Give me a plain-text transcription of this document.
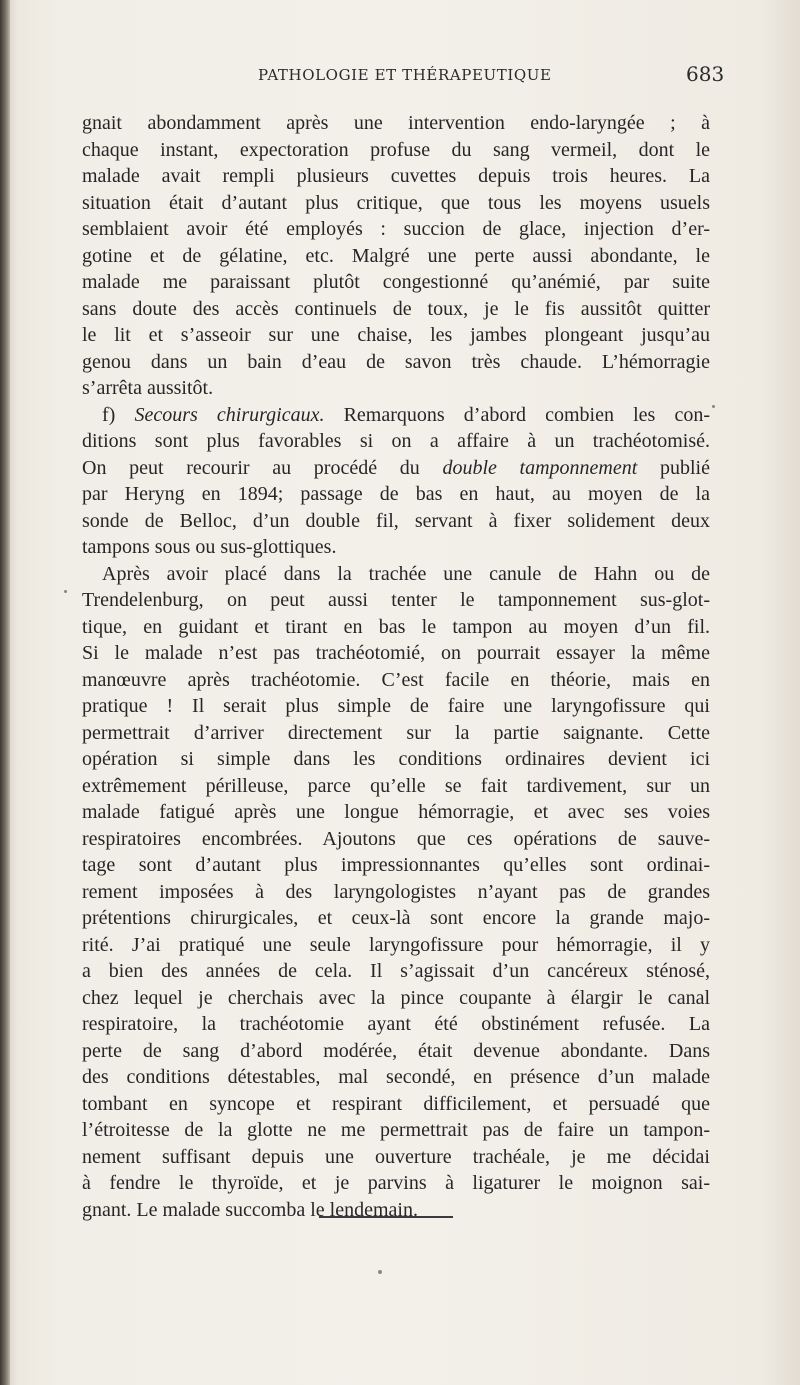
PATHOLOGIE ET THÉRAPEUTIQUE	683
gnait abondamment après une intervention endo-laryngée ; à
chaque instant, expectoration profuse du sang vermeil, dont le
malade avait rempli plusieurs cuvettes depuis trois heures. La
situation était d’autant plus critique, que tous les moyens usuels
semblaient avoir été employés : succion de glace, injection d’er-
gotine et de gélatine, etc. Malgré une perte aussi abondante, le
malade me paraissant plutôt congestionné qu’anémié, par suite
sans doute des accès continuels de toux, je le fis aussitôt quitter
le lit et s’asseoir sur une chaise, les jambes plongeant jusqu’au
genou dans un bain d’eau de savon très chaude. L’hémorragie
s’arrêta aussitôt.
f) Secours chirurgicaux. Remarquons d’abord combien les con-
ditions sont plus favorables si on a affaire à un trachéotomisé.
On peut recourir au procédé du double tamponnement publié
par Heryng en 1894; passage de bas en haut, au moyen de la
sonde de Belloc, d’un double fil, servant à fixer solidement deux
tampons sous ou sus-glottiques.
Après avoir placé dans la trachée une canule de Hahn ou de
Trendelenburg, on peut aussi tenter le tamponnement sus-glot-
tique, en guidant et tirant en bas le tampon au moyen d’un fil.
Si le malade n’est pas trachéotomié, on pourrait essayer la même
manœuvre après trachéotomie. C’est facile en théorie, mais en
pratique ! Il serait plus simple de faire une laryngofissure qui
permettrait d’arriver directement sur la partie saignante. Cette
opération si simple dans les conditions ordinaires devient ici
extrêmement périlleuse, parce qu’elle se fait tardivement, sur un
malade fatigué après une longue hémorragie, et avec ses voies
respiratoires encombrées. Ajoutons que ces opérations de sauve-
tage sont d’autant plus impressionnantes qu’elles sont ordinai-
rement imposées à des laryngologistes n’ayant pas de grandes
prétentions chirurgicales, et ceux-là sont encore la grande majo-
rité. J’ai pratiqué une seule laryngofissure pour hémorragie, il y
a bien des années de cela. Il s’agissait d’un cancéreux sténosé,
chez lequel je cherchais avec la pince coupante à élargir le canal
respiratoire, la trachéotomie ayant été obstinément refusée. La
perte de sang d’abord modérée, était devenue abondante. Dans
des conditions détestables, mal secondé, en présence d’un malade
tombant en syncope et respirant difficilement, et persuadé que
l’étroitesse de la glotte ne me permettrait pas de faire un tampon-
nement suffisant depuis une ouverture trachéale, je me décidai
à fendre le thyroïde, et je parvins à ligaturer le moignon sai-
gnant. Le malade succomba le lendemain.
